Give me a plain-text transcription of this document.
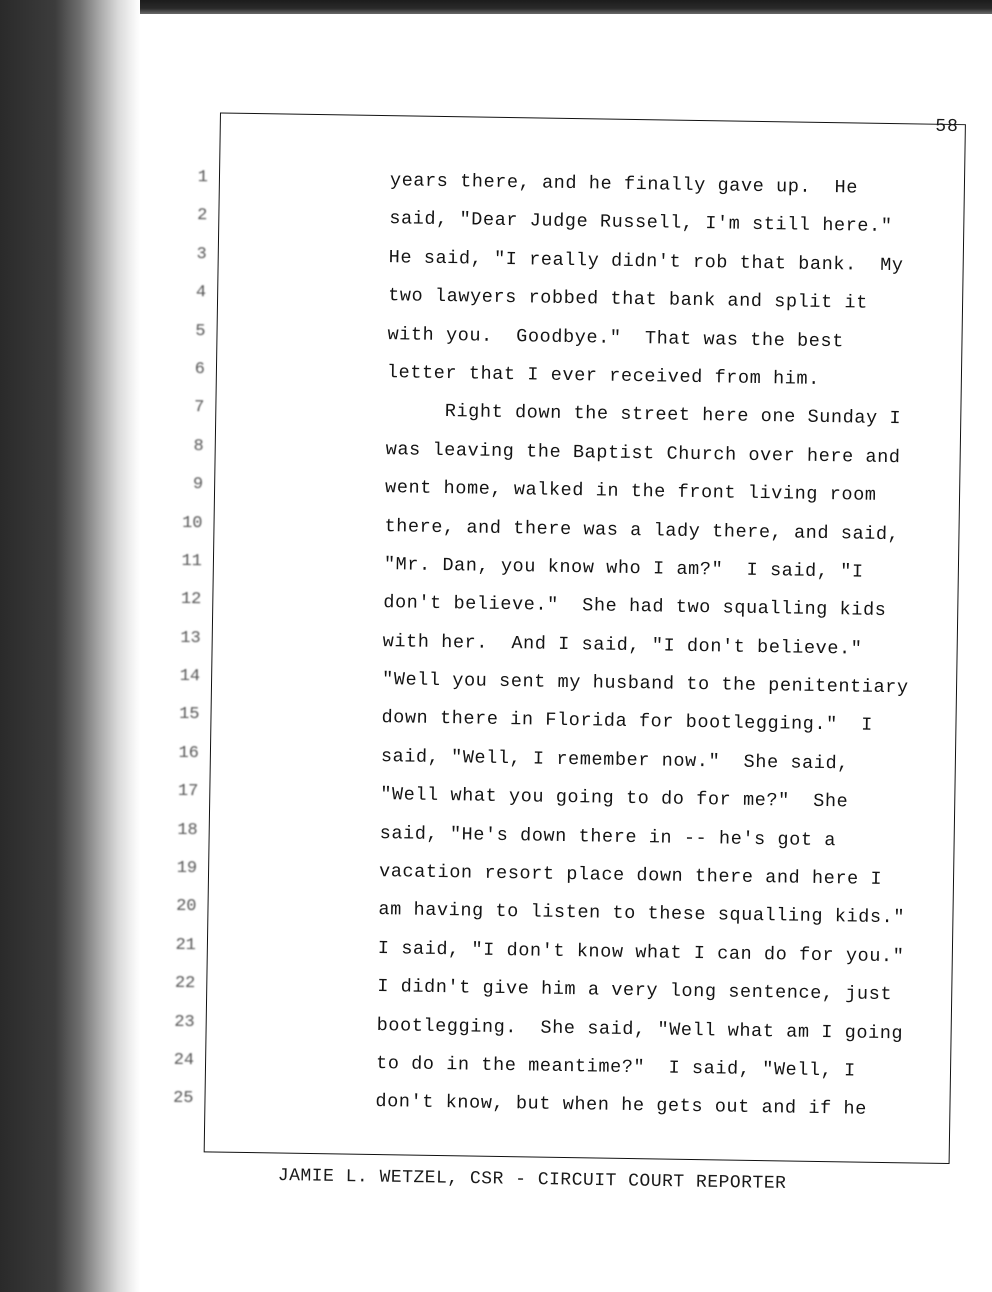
58
1
2
3
4
5
6
7
8
9
10
11
12
13
14
15
16
17
18
19
20
21
22
23
24
25
years there, and he finally gave up.  He
said, "Dear Judge Russell, I'm still here."
He said, "I really didn't rob that bank.  My
two lawyers robbed that bank and split it
with you.  Goodbye."  That was the best
letter that I ever received from him.
Right down the street here one Sunday I
was leaving the Baptist Church over here and
went home, walked in the front living room
there, and there was a lady there, and said,
"Mr. Dan, you know who I am?"  I said, "I
don't believe."  She had two squalling kids
with her.  And I said, "I don't believe."
"Well you sent my husband to the penitentiary
down there in Florida for bootlegging."  I
said, "Well, I remember now."  She said,
"Well what you going to do for me?"  She
said, "He's down there in -- he's got a
vacation resort place down there and here I
am having to listen to these squalling kids."
I said, "I don't know what I can do for you."
I didn't give him a very long sentence, just
bootlegging.  She said, "Well what am I going
to do in the meantime?"  I said, "Well, I
don't know, but when he gets out and if he
JAMIE L. WETZEL, CSR - CIRCUIT COURT REPORTER
